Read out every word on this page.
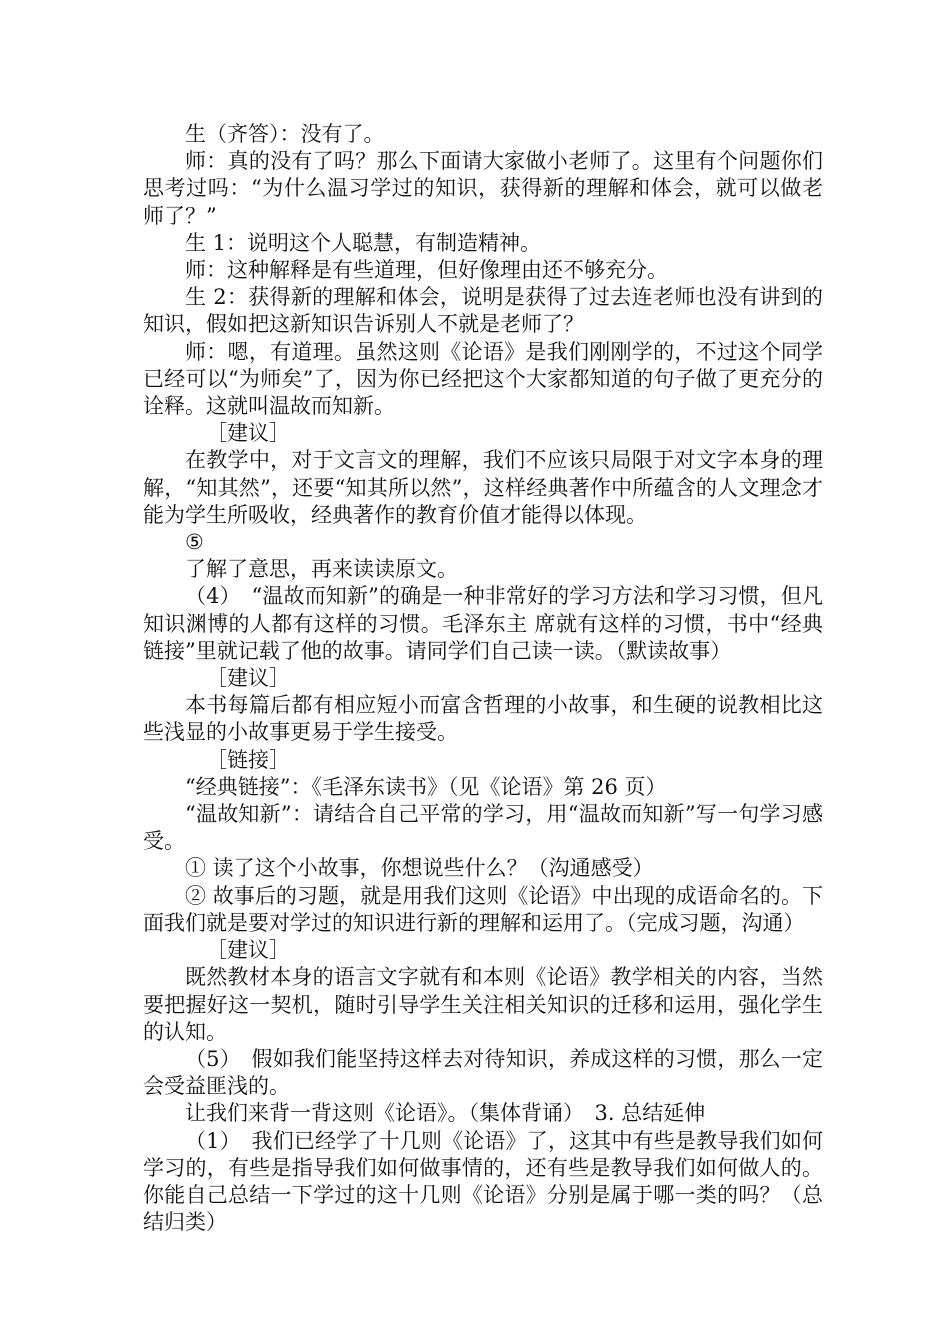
生（齐答）：没有了。

师：真的没有了吗？那么下面请大家做小老师了。这里有个问题你们思考过吗：“为什么温习学过的知识，获得新的理解和体会，就可以做老师了？”

生 1：说明这个人聪慧，有制造精神。

师：这种解释是有些道理，但好像理由还不够充分。

生 2：获得新的理解和体会，说明是获得了过去连老师也没有讲到的知识，假如把这新知识告诉别人不就是老师了？

师：嗯，有道理。虽然这则《论语》是我们刚刚学的，不过这个同学已经可以“为师矣”了，因为你已经把这个大家都知道的句子做了更充分的诠释。这就叫温故而知新。

［建议］

在教学中，对于文言文的理解，我们不应该只局限于对文字本身的理解，“知其然”，还要“知其所以然”，这样经典著作中所蕴含的人文理念才能为学生所吸收，经典著作的教育价值才能得以体现。

⑤

了解了意思，再来读读原文。

（4）　“温故而知新”的确是一种非常好的学习方法和学习习惯，但凡知识渊博的人都有这样的习惯。毛泽东主 席就有这样的习惯，书中“经典链接”里就记载了他的故事。请同学们自己读一读。（默读故事）

［建议］

本书每篇后都有相应短小而富含哲理的小故事，和生硬的说教相比这些浅显的小故事更易于学生接受。

［链接］

“经典链接”：《毛泽东读书》（见《论语》第 26 页）

“温故知新”：请结合自己平常的学习，用“温故而知新”写一句学习感受。

① 读了这个小故事，你想说些什么？（沟通感受）

② 故事后的习题，就是用我们这则《论语》中出现的成语命名的。下面我们就是要对学过的知识进行新的理解和运用了。（完成习题，沟通）

［建议］

既然教材本身的语言文字就有和本则《论语》教学相关的内容，当然要把握好这一契机，随时引导学生关注相关知识的迁移和运用，强化学生的认知。

（5）　假如我们能坚持这样去对待知识，养成这样的习惯，那么一定会受益匪浅的。

让我们来背一背这则《论语》。（集体背诵）　3. 总结延伸

（1）　我们已经学了十几则《论语》了，这其中有些是教导我们如何学习的，有些是指导我们如何做事情的，还有些是教导我们如何做人的。你能自己总结一下学过的这十几则《论语》分别是属于哪一类的吗？（总结归类）
